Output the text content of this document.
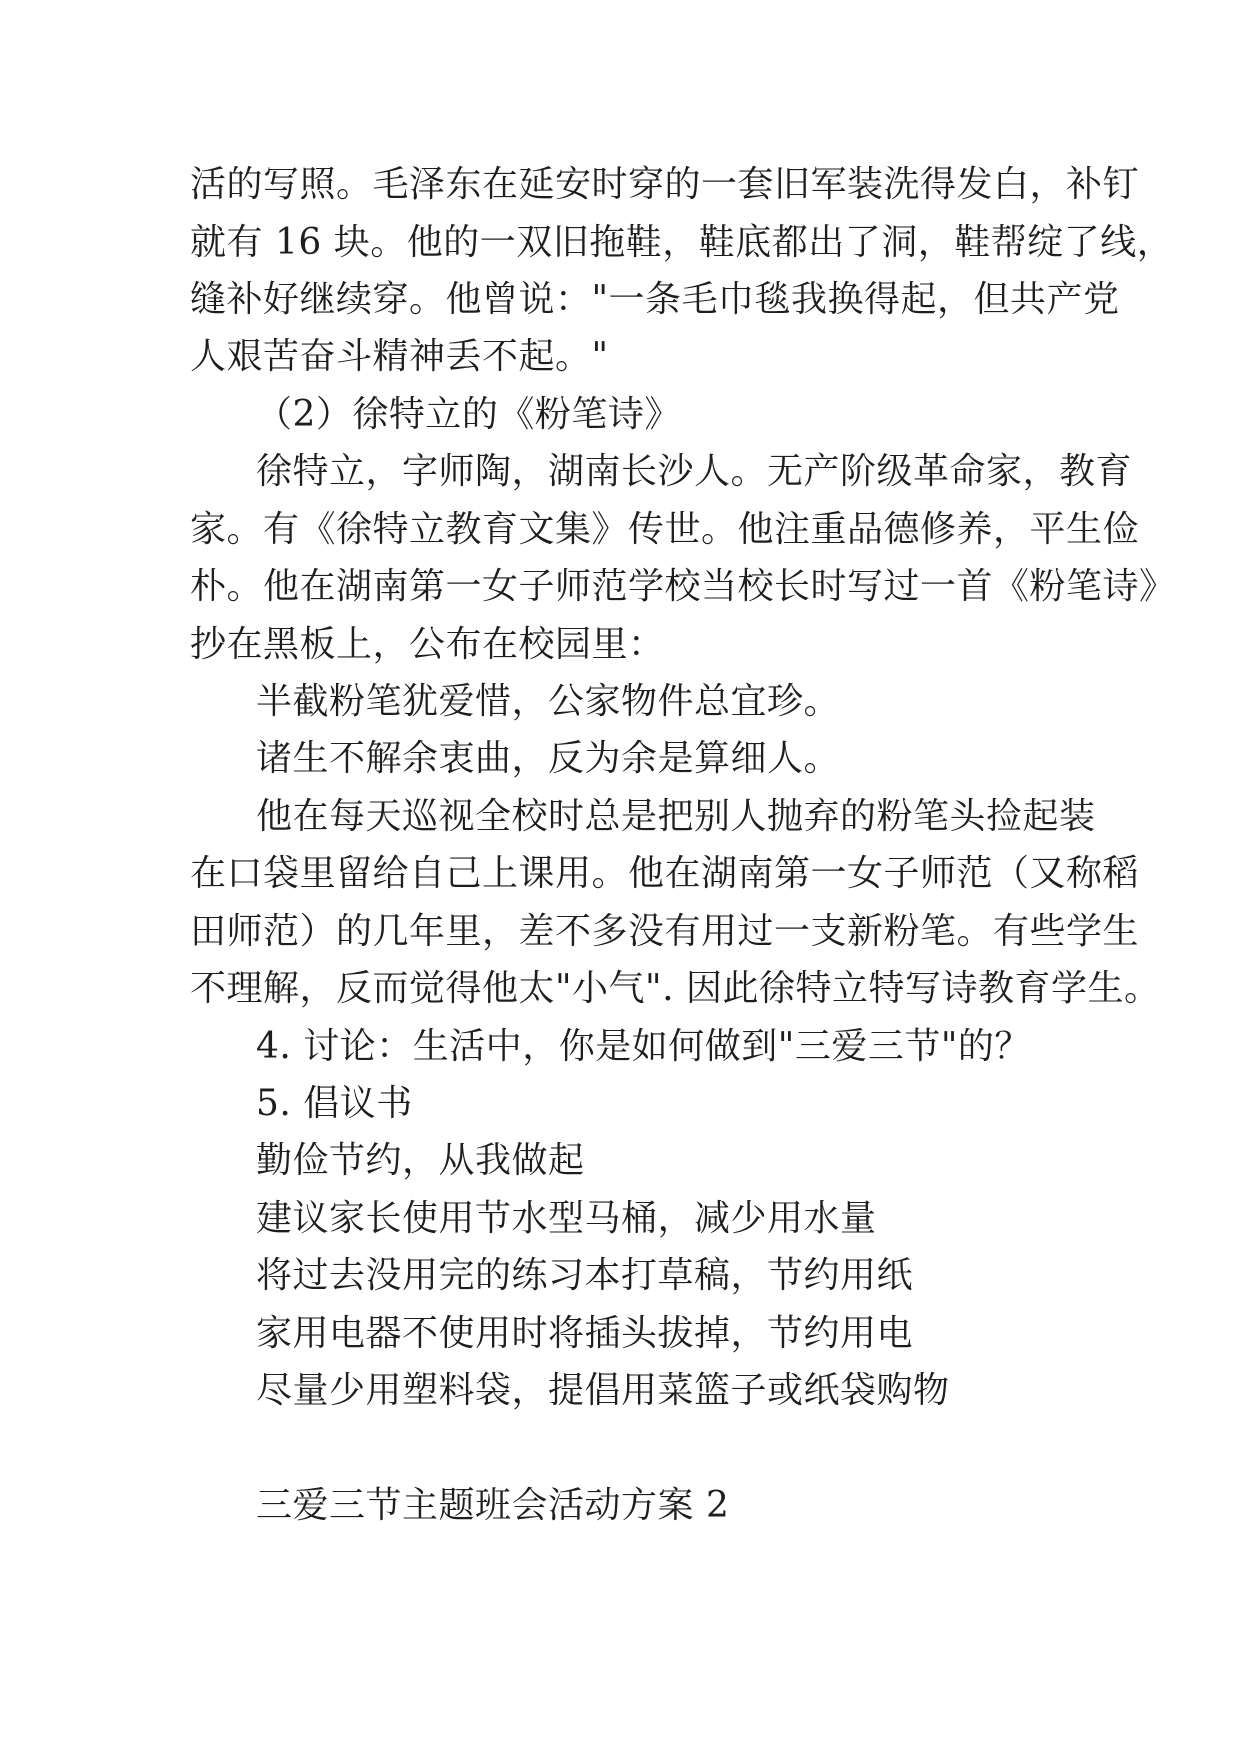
活的写照。毛泽东在延安时穿的一套旧军装洗得发白，补钉
就有 16 块。他的一双旧拖鞋，鞋底都出了洞，鞋帮绽了线，
缝补好继续穿。他曾说："一条毛巾毯我换得起，但共产党
人艰苦奋斗精神丢不起。"
（2）徐特立的《粉笔诗》
徐特立，字师陶，湖南长沙人。无产阶级革命家，教育
家。有《徐特立教育文集》传世。他注重品德修养，平生俭
朴。他在湖南第一女子师范学校当校长时写过一首《粉笔诗》
抄在黑板上，公布在校园里：
半截粉笔犹爱惜，公家物件总宜珍。
诸生不解余衷曲，反为余是算细人。
他在每天巡视全校时总是把别人抛弃的粉笔头捡起装
在口袋里留给自己上课用。他在湖南第一女子师范（又称稻
田师范）的几年里，差不多没有用过一支新粉笔。有些学生
不理解，反而觉得他太"小气". 因此徐特立特写诗教育学生。
4. 讨论：生活中，你是如何做到"三爱三节"的？
5. 倡议书
勤俭节约，从我做起
建议家长使用节水型马桶，减少用水量
将过去没用完的练习本打草稿，节约用纸
家用电器不使用时将插头拔掉，节约用电
尽量少用塑料袋，提倡用菜篮子或纸袋购物
三爱三节主题班会活动方案 2
